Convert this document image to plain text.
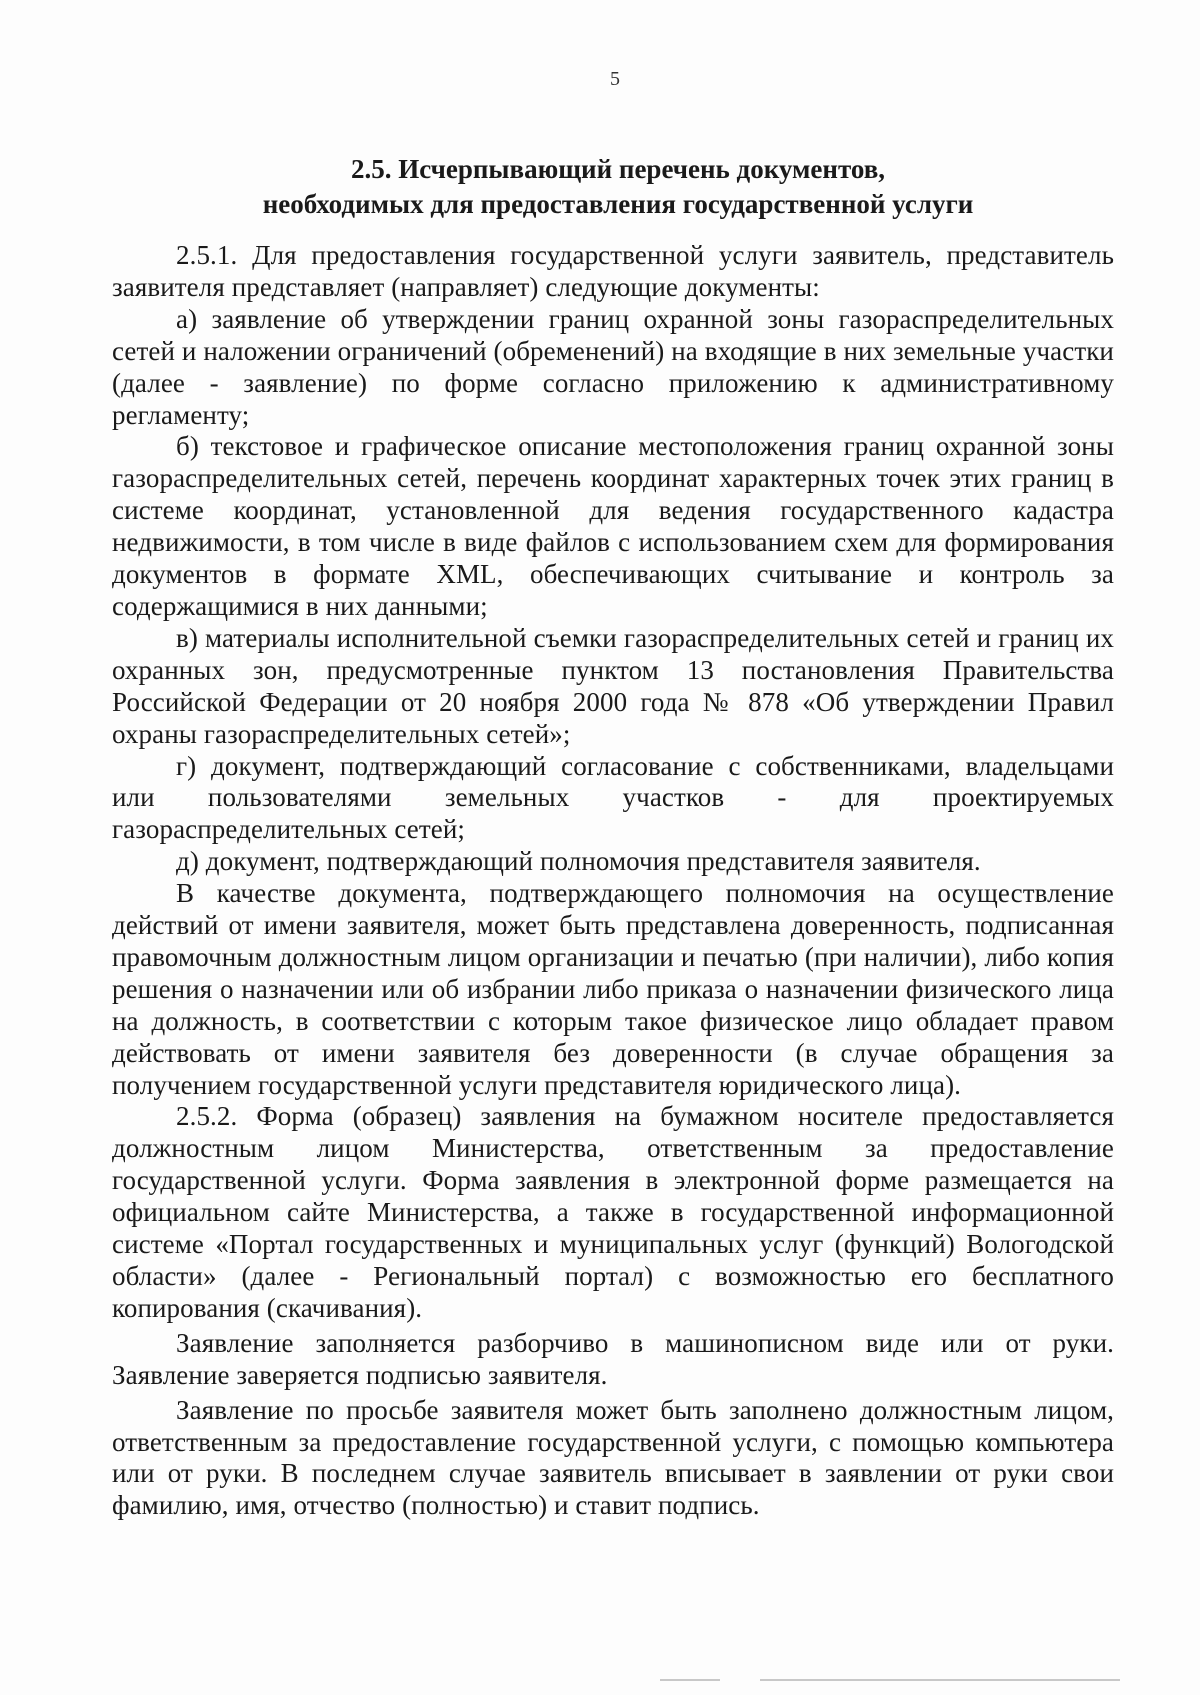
5
2.5. Исчерпывающий перечень документов,
необходимых для предоставления государственной услуги

2.5.1. Для предоставления государственной услуги заявитель, представитель заявителя представляет (направляет) следующие документы:

а) заявление об утверждении границ охранной зоны газораспределительных сетей и наложении ограничений (обременений) на входящие в них земельные участки (далее - заявление) по форме согласно приложению к административному регламенту;

б) текстовое и графическое описание местоположения границ охранной зоны газораспределительных сетей, перечень координат характерных точек этих границ в системе координат, установленной для ведения государственного кадастра недвижимости, в том числе в виде файлов с использованием схем для формирования документов в формате XML, обеспечивающих считывание и контроль за содержащимися в них данными;

в) материалы исполнительной съемки газораспределительных сетей и границ их охранных зон, предусмотренные пунктом 13 постановления Правительства Российской Федерации от 20 ноября 2000 года № 878 «Об утверждении Правил охраны газораспределительных сетей»;

г) документ, подтверждающий согласование с собственниками, владельцами или пользователями земельных участков - для проектируемых газораспределительных сетей;

д) документ, подтверждающий полномочия представителя заявителя.

В качестве документа, подтверждающего полномочия на осуществление действий от имени заявителя, может быть представлена доверенность, подписанная правомочным должностным лицом организации и печатью (при наличии), либо копия решения о назначении или об избрании либо приказа о назначении физического лица на должность, в соответствии с которым такое физическое лицо обладает правом действовать от имени заявителя без доверенности (в случае обращения за получением государственной услуги представителя юридического лица).

2.5.2. Форма (образец) заявления на бумажном носителе предоставляется должностным лицом Министерства, ответственным за предоставление государственной услуги. Форма заявления в электронной форме размещается на официальном сайте Министерства, а также в государственной информационной системе «Портал государственных и муниципальных услуг (функций) Вологодской области» (далее - Региональный портал) с возможностью его бесплатного копирования (скачивания).

Заявление заполняется разборчиво в машинописном виде или от руки. Заявление заверяется подписью заявителя.

Заявление по просьбе заявителя может быть заполнено должностным лицом, ответственным за предоставление государственной услуги, с помощью компьютера или от руки. В последнем случае заявитель вписывает в заявлении от руки свои фамилию, имя, отчество (полностью) и ставит подпись.
